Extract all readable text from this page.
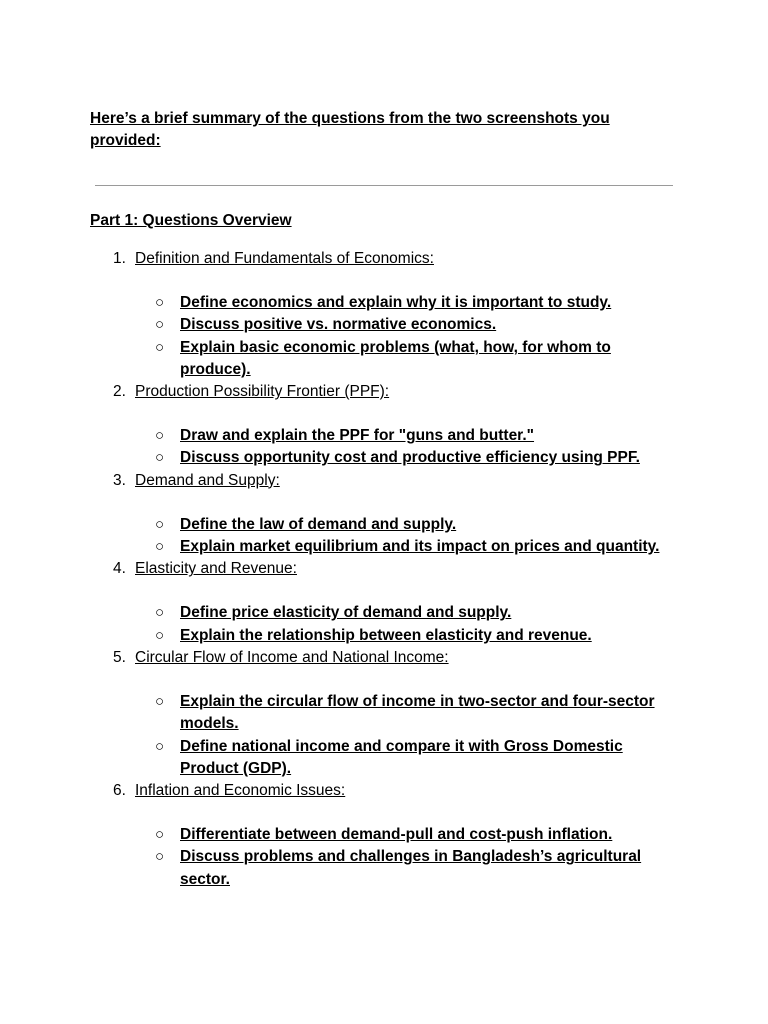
Here’s a brief summary of the questions from the two screenshots you provided:

Part 1: Questions Overview

1. Definition and Fundamentals of Economics:
○ Define economics and explain why it is important to study.
○ Discuss positive vs. normative economics.
○ Explain basic economic problems (what, how, for whom to produce).
2. Production Possibility Frontier (PPF):
○ Draw and explain the PPF for "guns and butter."
○ Discuss opportunity cost and productive efficiency using PPF.
3. Demand and Supply:
○ Define the law of demand and supply.
○ Explain market equilibrium and its impact on prices and quantity.
4. Elasticity and Revenue:
○ Define price elasticity of demand and supply.
○ Explain the relationship between elasticity and revenue.
5. Circular Flow of Income and National Income:
○ Explain the circular flow of income in two-sector and four-sector models.
○ Define national income and compare it with Gross Domestic Product (GDP).
6. Inflation and Economic Issues:
○ Differentiate between demand-pull and cost-push inflation.
○ Discuss problems and challenges in Bangladesh’s agricultural sector.
